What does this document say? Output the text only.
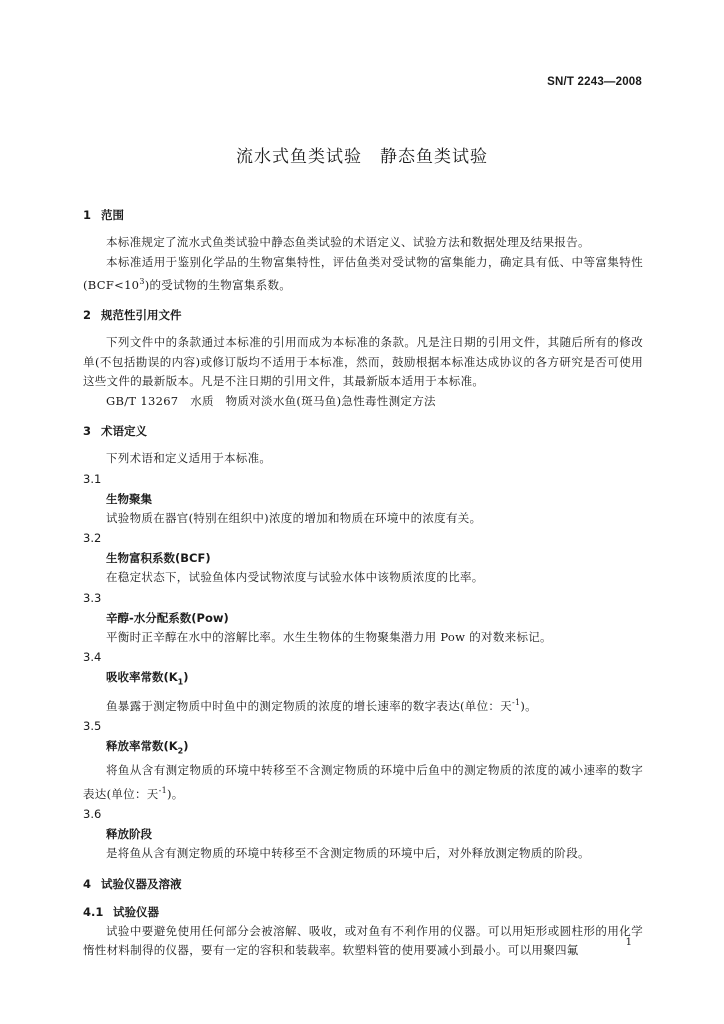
SN/T 2243—2008
流水式鱼类试验　静态鱼类试验

1 范围

本标准规定了流水式鱼类试验中静态鱼类试验的术语定义、试验方法和数据处理及结果报告。

本标准适用于鉴别化学品的生物富集特性，评估鱼类对受试物的富集能力，确定具有低、中等富集特性$(BCF<10^3)$的受试物的生物富集系数。

2 规范性引用文件

下列文件中的条款通过本标准的引用而成为本标准的条款。凡是注日期的引用文件，其随后所有的修改单(不包括勘误的内容)或修订版均不适用于本标准，然而，鼓励根据本标准达成协议的各方研究是否可使用这些文件的最新版本。凡是不注日期的引用文件，其最新版本适用于本标准。

GB/T 13267　水质　物质对淡水鱼(斑马鱼)急性毒性测定方法

3 术语定义

下列术语和定义适用于本标准。

3.1

生物聚集

试验物质在器官(特别在组织中)浓度的增加和物质在环境中的浓度有关。

3.2

生物富积系数(BCF)

在稳定状态下，试验鱼体内受试物浓度与试验水体中该物质浓度的比率。

3.3

辛醇-水分配系数(Pow)

平衡时正辛醇在水中的溶解比率。水生生物体的生物聚集潜力用 Pow 的对数来标记。

3.4

吸收率常数$(K_1)$

鱼暴露于测定物质中时鱼中的测定物质的浓度的增长速率的数字表达(单位：天$^{-1}$)。

3.5

释放率常数$(K_2)$

将鱼从含有测定物质的环境中转移至不含测定物质的环境中后鱼中的测定物质的浓度的减小速率的数字表达(单位：天$^{-1}$)。

3.6

释放阶段

是将鱼从含有测定物质的环境中转移至不含测定物质的环境中后，对外释放测定物质的阶段。

4 试验仪器及溶液

4.1 试验仪器

试验中要避免使用任何部分会被溶解、吸收，或对鱼有不利作用的仪器。可以用矩形或圆柱形的用化学惰性材料制得的仪器，要有一定的容积和装载率。软塑料管的使用要减小到最小。可以用聚四氟

1
